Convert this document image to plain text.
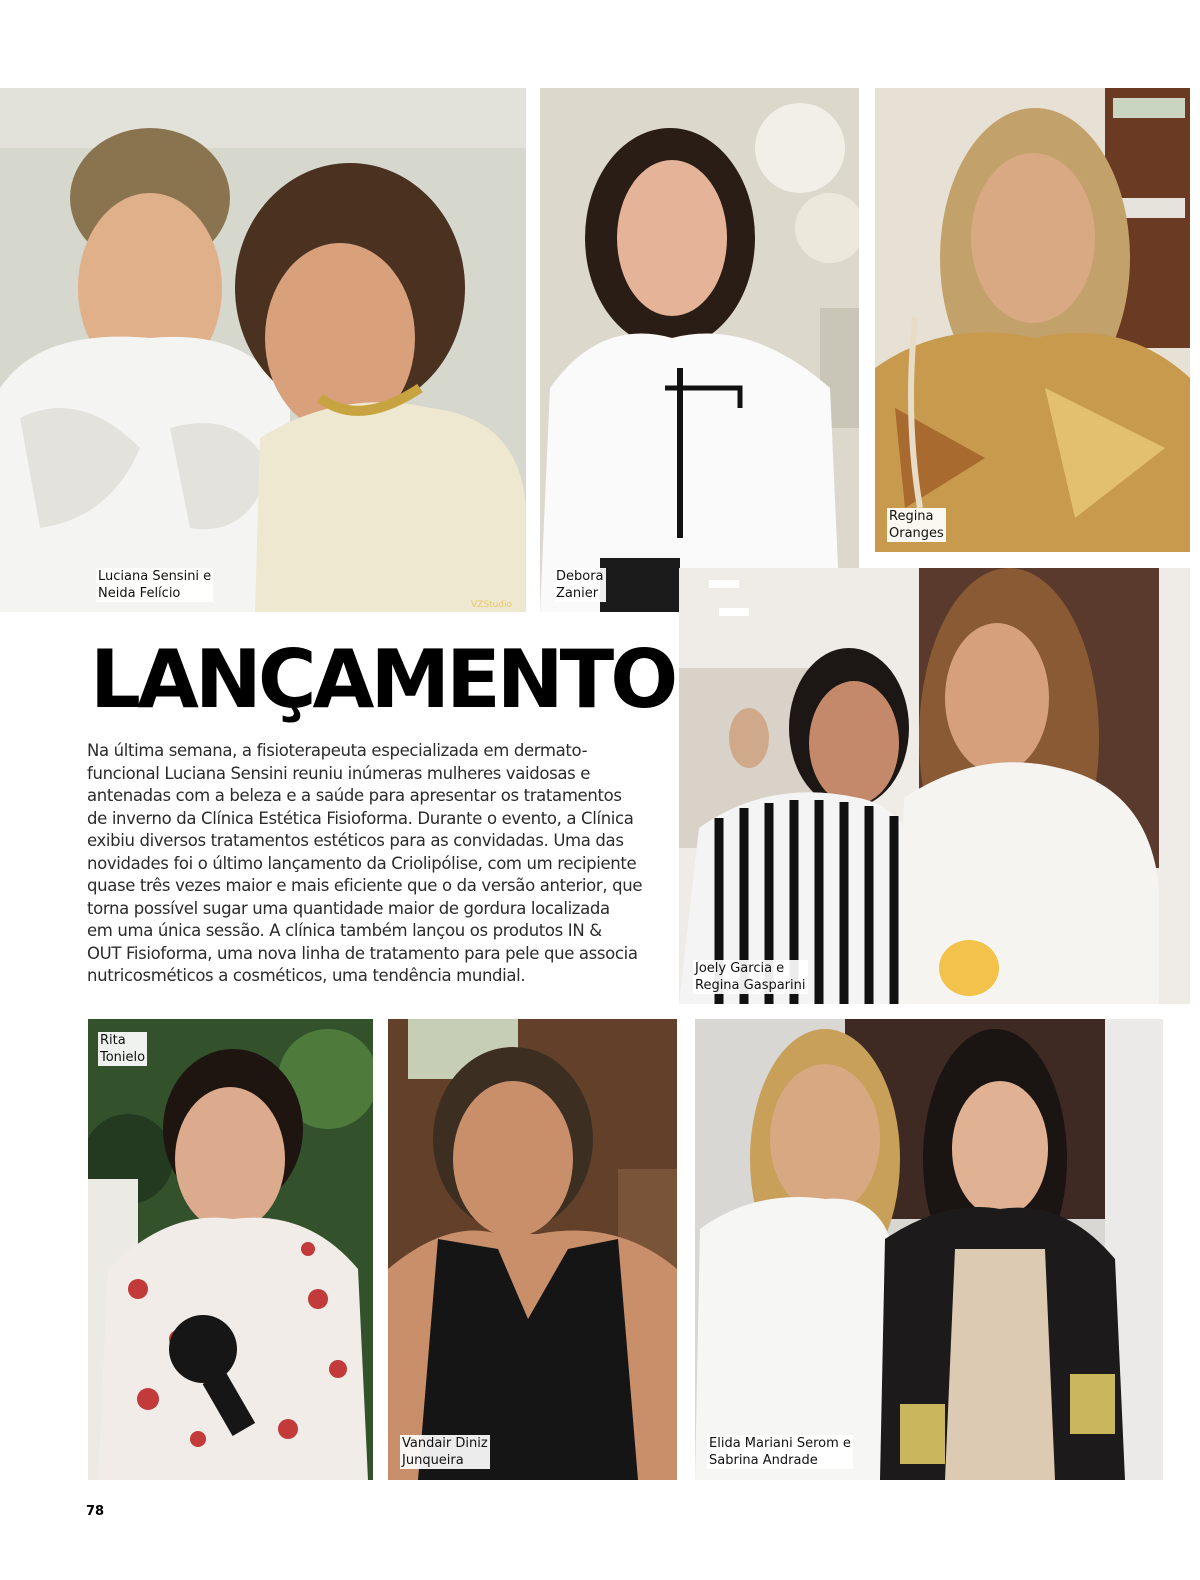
Luciana Sensini e
Neida Felício
VZStudio
Debora
Zanier
Regina
Oranges
Joely Garcia e
Regina Gasparini
LANÇAMENTO
Na última semana, a fisioterapeuta especializada em dermato-
funcional Luciana Sensini reuniu inúmeras mulheres vaidosas e
antenadas com a beleza e a saúde para apresentar os tratamentos
de inverno da Clínica Estética Fisioforma. Durante o evento, a Clínica
exibiu diversos tratamentos estéticos para as convidadas. Uma das
novidades foi o último lançamento da Criolipólise, com um recipiente
quase três vezes maior e mais eficiente que o da versão anterior, que
torna possível sugar uma quantidade maior de gordura localizada
em uma única sessão. A clínica também lançou os produtos IN &
OUT Fisioforma, uma nova linha de tratamento para pele que associa
nutricosméticos a cosméticos, uma tendência mundial.
Rita
Tonielo
Vandair Diniz
Junqueira
Elida Mariani Serom e
Sabrina Andrade
78
